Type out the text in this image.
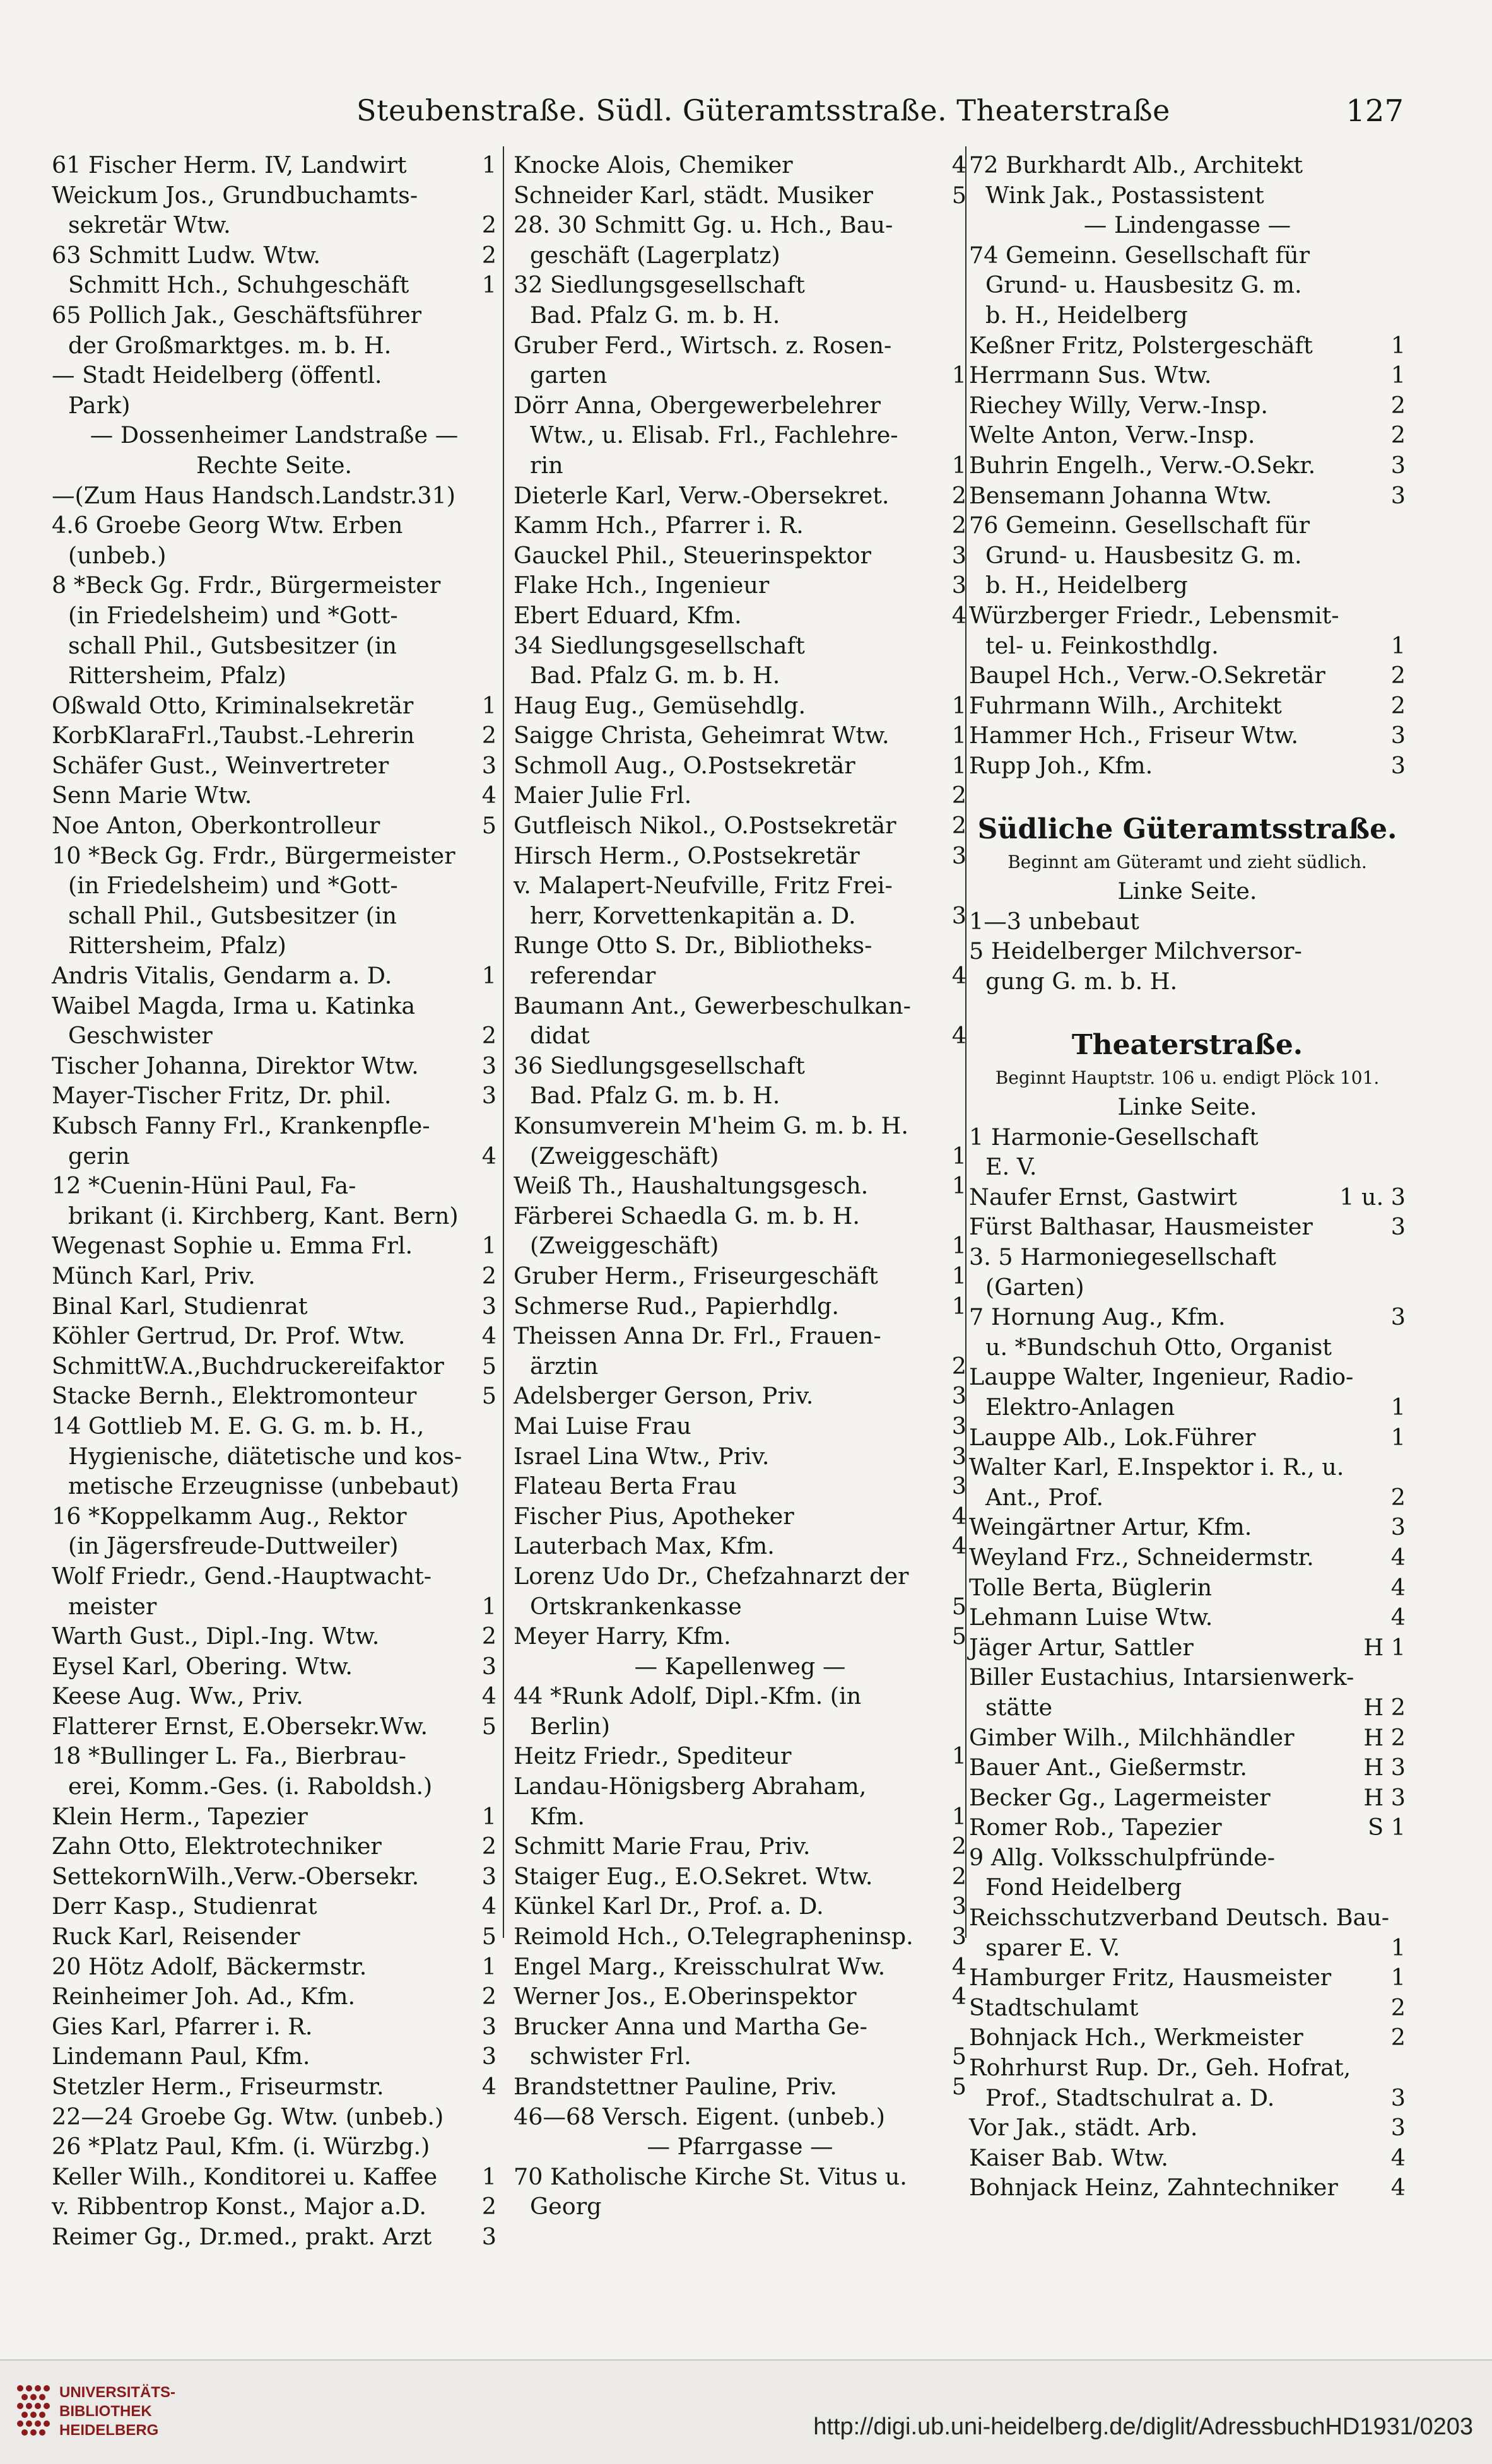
Steubenstraße. Südl. Güteramtsstraße. Theaterstraße	127
61 Fischer Herm. IV, Landwirt	1
Weickum Jos., Grundbuchamts-
sekretär Wtw.	2
63 Schmitt Ludw. Wtw.	2
Schmitt Hch., Schuhgeschäft	1
65 Pollich Jak., Geschäftsführer
der Großmarktges. m. b. H.
— Stadt Heidelberg (öffentl.
Park)
— Dossenheimer Landstraße —
Rechte Seite.
—(Zum Haus Handsch.Landstr.31)
4.6 Groebe Georg Wtw. Erben
(unbeb.)
8 *Beck Gg. Frdr., Bürgermeister
(in Friedelsheim) und *Gott-
schall Phil., Gutsbesitzer (in
Rittersheim, Pfalz)
Oßwald Otto, Kriminalsekretär	1
KorbKlaraFrl.,Taubst.-Lehrerin	2
Schäfer Gust., Weinvertreter	3
Senn Marie Wtw.	4
Noe Anton, Oberkontrolleur	5
10 *Beck Gg. Frdr., Bürgermeister
(in Friedelsheim) und *Gott-
schall Phil., Gutsbesitzer (in
Rittersheim, Pfalz)
Andris Vitalis, Gendarm a. D.	1
Waibel Magda, Irma u. Katinka
Geschwister	2
Tischer Johanna, Direktor Wtw.	3
Mayer-Tischer Fritz, Dr. phil.	3
Kubsch Fanny Frl., Krankenpfle-
gerin	4
12 *Cuenin-Hüni Paul, Fa-
brikant (i. Kirchberg, Kant. Bern)
Wegenast Sophie u. Emma Frl.	1
Münch Karl, Priv.	2
Binal Karl, Studienrat	3
Köhler Gertrud, Dr. Prof. Wtw.	4
SchmittW.A.,Buchdruckereifaktor	5
Stacke Bernh., Elektromonteur	5
14 Gottlieb M. E. G. G. m. b. H.,
Hygienische, diätetische und kos-
metische Erzeugnisse (unbebaut)
16 *Koppelkamm Aug., Rektor
(in Jägersfreude-Duttweiler)
Wolf Friedr., Gend.-Hauptwacht-
meister	1
Warth Gust., Dipl.-Ing. Wtw.	2
Eysel Karl, Obering. Wtw.	3
Keese Aug. Ww., Priv.	4
Flatterer Ernst, E.Obersekr.Ww.	5
18 *Bullinger L. Fa., Bierbrau-
erei, Komm.-Ges. (i. Raboldsh.)
Klein Herm., Tapezier	1
Zahn Otto, Elektrotechniker	2
SettekornWilh.,Verw.-Obersekr.	3
Derr Kasp., Studienrat	4
Ruck Karl, Reisender	5
20 Hötz Adolf, Bäckermstr.	1
Reinheimer Joh. Ad., Kfm.	2
Gies Karl, Pfarrer i. R.	3
Lindemann Paul, Kfm.	3
Stetzler Herm., Friseurmstr.	4
22—24 Groebe Gg. Wtw. (unbeb.)
26 *Platz Paul, Kfm. (i. Würzbg.)
Keller Wilh., Konditorei u. Kaffee	1
v. Ribbentrop Konst., Major a.D.	2
Reimer Gg., Dr.med., prakt. Arzt	3
Knocke Alois, Chemiker	4
Schneider Karl, städt. Musiker	5
28. 30 Schmitt Gg. u. Hch., Bau-
geschäft (Lagerplatz)
32 Siedlungsgesellschaft
Bad. Pfalz G. m. b. H.
Gruber Ferd., Wirtsch. z. Rosen-
garten	1
Dörr Anna, Obergewerbelehrer
Wtw., u. Elisab. Frl., Fachlehre-
rin	1
Dieterle Karl, Verw.-Obersekret.	2
Kamm Hch., Pfarrer i. R.	2
Gauckel Phil., Steuerinspektor	3
Flake Hch., Ingenieur	3
Ebert Eduard, Kfm.	4
34 Siedlungsgesellschaft
Bad. Pfalz G. m. b. H.
Haug Eug., Gemüsehdlg.	1
Saigge Christa, Geheimrat Wtw.	1
Schmoll Aug., O.Postsekretär	1
Maier Julie Frl.	2
Gutfleisch Nikol., O.Postsekretär	2
Hirsch Herm., O.Postsekretär	3
v. Malapert-Neufville, Fritz Frei-
herr, Korvettenkapitän a. D.	3
Runge Otto S. Dr., Bibliotheks-
referendar	4
Baumann Ant., Gewerbeschulkan-
didat	4
36 Siedlungsgesellschaft
Bad. Pfalz G. m. b. H.
Konsumverein M'heim G. m. b. H.
(Zweiggeschäft)	1
Weiß Th., Haushaltungsgesch.	1
Färberei Schaedla G. m. b. H.
(Zweiggeschäft)	1
Gruber Herm., Friseurgeschäft	1
Schmerse Rud., Papierhdlg.	1
Theissen Anna Dr. Frl., Frauen-
ärztin	2
Adelsberger Gerson, Priv.	3
Mai Luise Frau	3
Israel Lina Wtw., Priv.	3
Flateau Berta Frau	3
Fischer Pius, Apotheker	4
Lauterbach Max, Kfm.	4
Lorenz Udo Dr., Chefzahnarzt der
Ortskrankenkasse	5
Meyer Harry, Kfm.	5
— Kapellenweg —
44 *Runk Adolf, Dipl.-Kfm. (in
Berlin)
Heitz Friedr., Spediteur	1
Landau-Hönigsberg Abraham,
Kfm.	1
Schmitt Marie Frau, Priv.	2
Staiger Eug., E.O.Sekret. Wtw.	2
Künkel Karl Dr., Prof. a. D.	3
Reimold Hch., O.Telegrapheninsp.	3
Engel Marg., Kreisschulrat Ww.	4
Werner Jos., E.Oberinspektor	4
Brucker Anna und Martha Ge-
schwister Frl.	5
Brandstettner Pauline, Priv.	5
46—68 Versch. Eigent. (unbeb.)
— Pfarrgasse —
70 Katholische Kirche St. Vitus u.
Georg
72 Burkhardt Alb., Architekt
Wink Jak., Postassistent
— Lindengasse —
74 Gemeinn. Gesellschaft für
Grund- u. Hausbesitz G. m.
b. H., Heidelberg
Keßner Fritz, Polstergeschäft	1
Herrmann Sus. Wtw.	1
Riechey Willy, Verw.-Insp.	2
Welte Anton, Verw.-Insp.	2
Buhrin Engelh., Verw.-O.Sekr.	3
Bensemann Johanna Wtw.	3
76 Gemeinn. Gesellschaft für
Grund- u. Hausbesitz G. m.
b. H., Heidelberg
Würzberger Friedr., Lebensmit-
tel- u. Feinkosthdlg.	1
Baupel Hch., Verw.-O.Sekretär	2
Fuhrmann Wilh., Architekt	2
Hammer Hch., Friseur Wtw.	3
Rupp Joh., Kfm.	3
Südliche Güteramtsstraße.
Beginnt am Güteramt und zieht südlich.
Linke Seite.
1—3 unbebaut
5 Heidelberger Milchversor-
gung G. m. b. H.
Theaterstraße.
Beginnt Hauptstr. 106 u. endigt Plöck 101.
Linke Seite.
1 Harmonie-Gesellschaft
E. V.
Naufer Ernst, Gastwirt	1 u. 3
Fürst Balthasar, Hausmeister	3
3. 5 Harmoniegesellschaft
(Garten)
7 Hornung Aug., Kfm.	3
u. *Bundschuh Otto, Organist
Lauppe Walter, Ingenieur, Radio-
Elektro-Anlagen	1
Lauppe Alb., Lok.Führer	1
Walter Karl, E.Inspektor i. R., u.
Ant., Prof.	2
Weingärtner Artur, Kfm.	3
Weyland Frz., Schneidermstr.	4
Tolle Berta, Büglerin	4
Lehmann Luise Wtw.	4
Jäger Artur, Sattler	H 1
Biller Eustachius, Intarsienwerk-
stätte	H 2
Gimber Wilh., Milchhändler	H 2
Bauer Ant., Gießermstr.	H 3
Becker Gg., Lagermeister	H 3
Romer Rob., Tapezier	S 1
9 Allg. Volksschulpfründe-
Fond Heidelberg
Reichsschutzverband Deutsch. Bau-
sparer E. V.	1
Hamburger Fritz, Hausmeister	1
Stadtschulamt	2
Bohnjack Hch., Werkmeister	2
Rohrhurst Rup. Dr., Geh. Hofrat,
Prof., Stadtschulrat a. D.	3
Vor Jak., städt. Arb.	3
Kaiser Bab. Wtw.	4
Bohnjack Heinz, Zahntechniker	4
UNIVERSITÄTS-
BIBLIOTHEK
HEIDELBERG	http://digi.ub.uni-heidelberg.de/diglit/AdressbuchHD1931/0203
